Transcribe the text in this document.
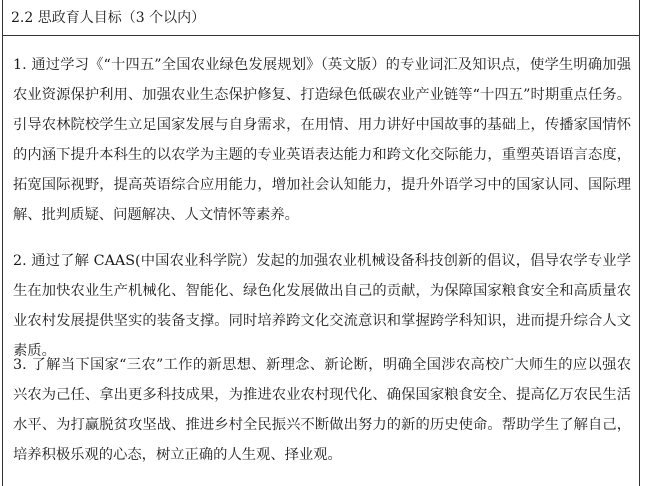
2.2 思政育人目标（3 个以内）

1. 通过学习《“十四五”全国农业绿色发展规划》（英文版）的专业词汇及知识点，使学生明确加强农业资源保护利用、加强农业生态保护修复、打造绿色低碳农业产业链等“十四五”时期重点任务。引导农林院校学生立足国家发展与自身需求，在用情、用力讲好中国故事的基础上，传播家国情怀的内涵下提升本科生的以农学为主题的专业英语表达能力和跨文化交际能力，重塑英语语言态度，拓宽国际视野，提高英语综合应用能力，增加社会认知能力，提升外语学习中的国家认同、国际理解、批判质疑、问题解决、人文情怀等素养。

2. 通过了解 CAAS(中国农业科学院）发起的加强农业机械设备科技创新的倡议，倡导农学专业学生在加快农业生产机械化、智能化、绿色化发展做出自己的贡献，为保障国家粮食安全和高质量农业农村发展提供坚实的装备支撑。同时培养跨文化交流意识和掌握跨学科知识，进而提升综合人文素质。

3. 了解当下国家“三农”工作的新思想、新理念、新论断，明确全国涉农高校广大师生的应以强农兴农为己任、拿出更多科技成果，为推进农业农村现代化、确保国家粮食安全、提高亿万农民生活水平、为打赢脱贫攻坚战、推进乡村全民振兴不断做出努力的新的历史使命。帮助学生了解自己，培养积极乐观的心态，树立正确的人生观、择业观。
